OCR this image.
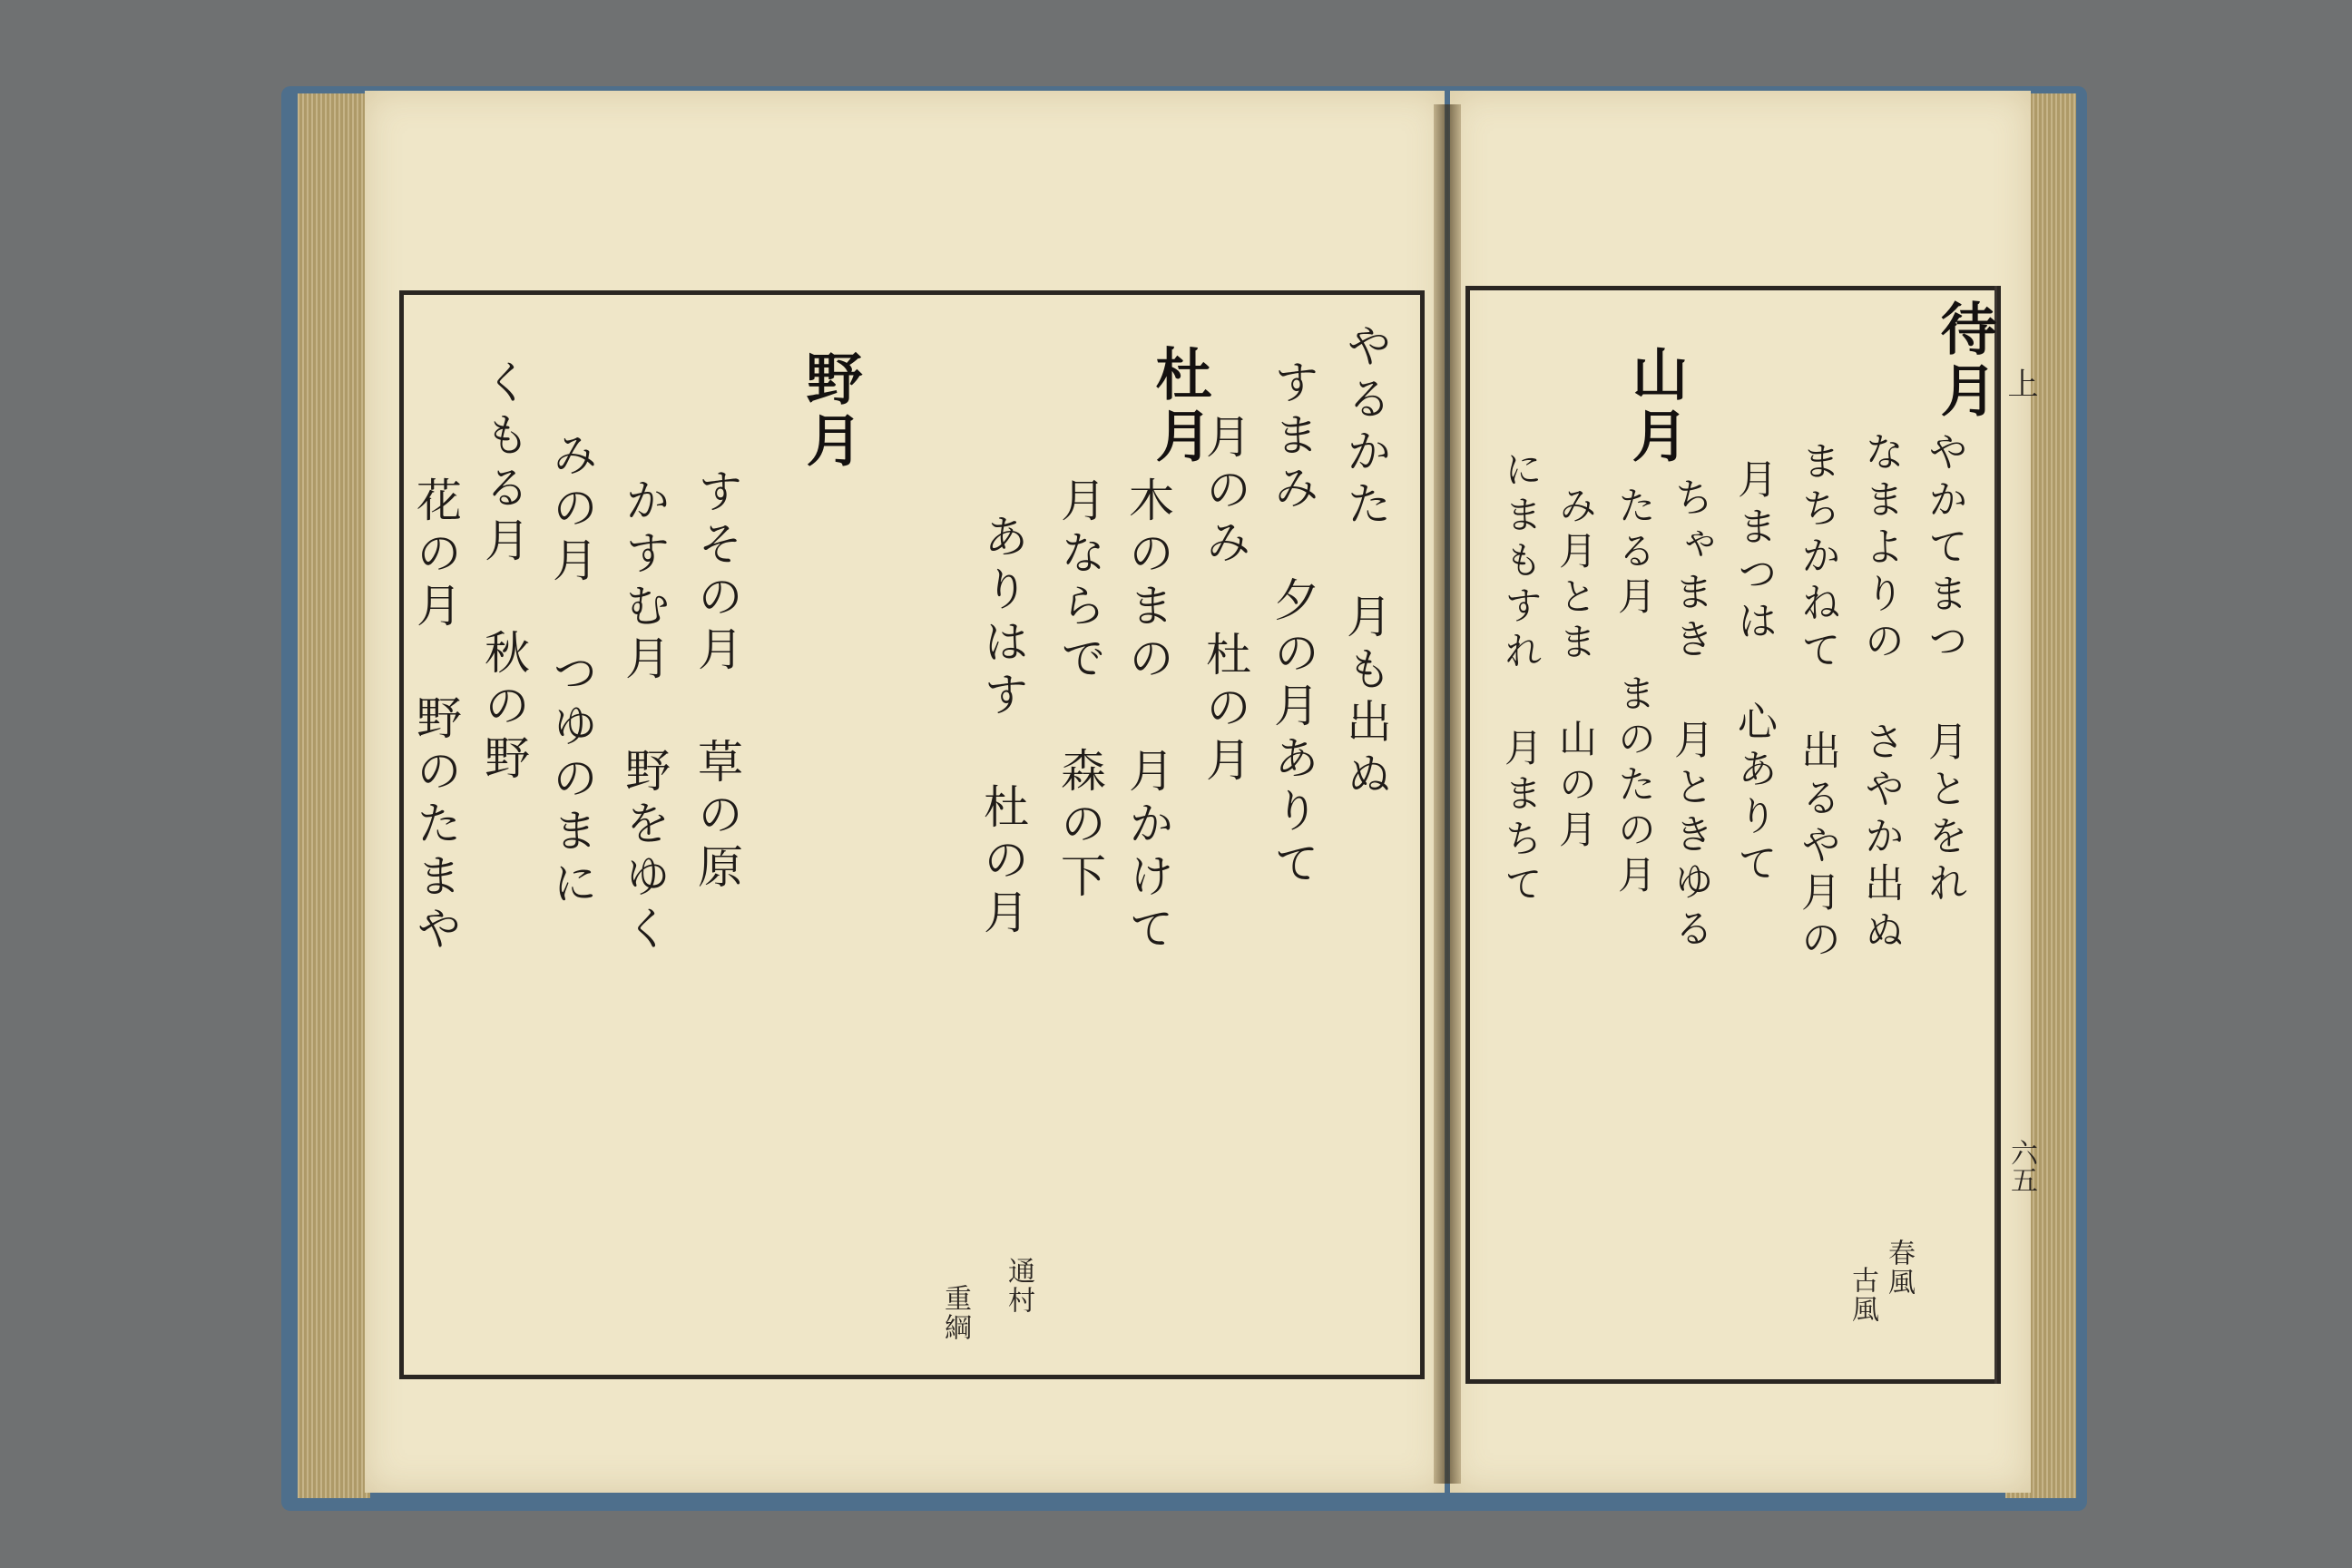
杜月	やるかた 月も出ぬ
すまみ 夕の月ありて
月のみ 杜の月
木のまの 月かけて
月ならで 森の下
ありはす 杜の月
野月
すその月 草の原
かすむ月 野をゆく
みの月 つゆのまに
くもる月 秋の野
花の月 野のたまや
通村
重綱
上
六五
待月
やかてまつ 月とをれ
なまよりの さやか出ぬ
まちかねて 出るや月の
月まつは 心ありて
ちゃまき 月ときゆる
山月
たる月 まのたの月
み月とま 山の月
にまもすれ 月まちて
春風
古風
